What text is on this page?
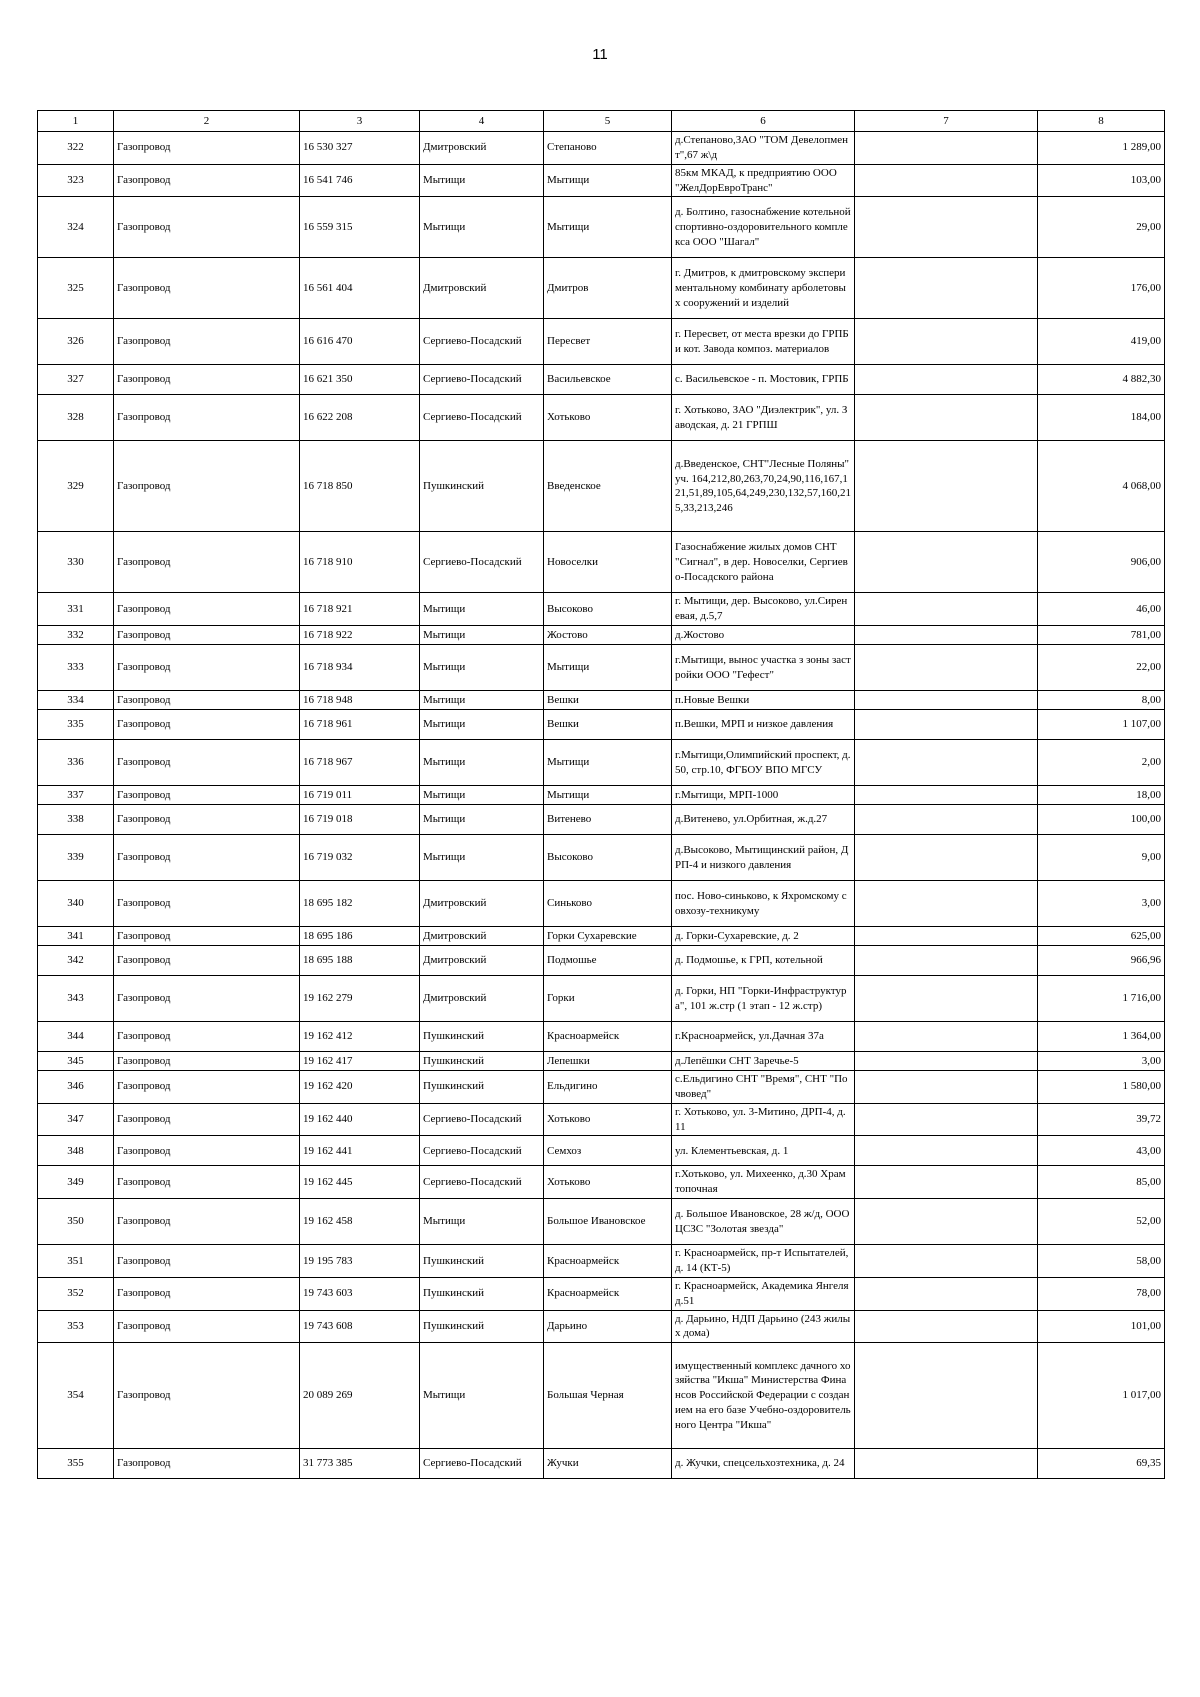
11
1	2	3	4	5	6	7	8
322	Газопровод	16 530 327	Дмитровский	Степаново	д.Степаново,ЗАО "ТОМ Девелопмент",67 ж\д		1 289,00
323	Газопровод	16 541 746	Мытищи	Мытищи	85км МКАД, к предприятию ООО "ЖелДорЕвроТранс"		103,00
324	Газопровод	16 559 315	Мытищи	Мытищи	д. Болтино, газоснабжение котельной спортивно-оздоровительного комплекса ООО "Шагал"		29,00
325	Газопровод	16 561 404	Дмитровский	Дмитров	г. Дмитров, к дмитровскому экспериментальному комбинату арболетовых сооружений и изделий		176,00
326	Газопровод	16 616 470	Сергиево-Посадский	Пересвет	г. Пересвет, от места врезки до ГРПБ и кот. Завода композ. материалов		419,00
327	Газопровод	16 621 350	Сергиево-Посадский	Васильевское	с. Васильевское - п. Мостовик, ГРПБ		4 882,30
328	Газопровод	16 622 208	Сергиево-Посадский	Хотьково	г. Хотьково, ЗАО "Диэлектрик", ул. Заводская, д. 21 ГРПШ		184,00
329	Газопровод	16 718 850	Пушкинский	Введенское	д.Введенское, СНТ"Лесные Поляны" уч. 164,212,80,263,70,24,90,116,167,121,51,89,105,64,249,230,132,57,160,215,33,213,246		4 068,00
330	Газопровод	16 718 910	Сергиево-Посадский	Новоселки	Газоснабжение жилых домов СНТ "Сигнал", в дер. Новоселки, Сергиево-Посадского района		906,00
331	Газопровод	16 718 921	Мытищи	Высоково	г. Мытищи, дер. Высоково, ул.Сиреневая, д.5,7		46,00
332	Газопровод	16 718 922	Мытищи	Жостово	д.Жостово		781,00
333	Газопровод	16 718 934	Мытищи	Мытищи	г.Мытищи, вынос участка з зоны застройки ООО "Гефест"		22,00
334	Газопровод	16 718 948	Мытищи	Вешки	п.Новые Вешки		8,00
335	Газопровод	16 718 961	Мытищи	Вешки	п.Вешки, МРП и низкое давления		1 107,00
336	Газопровод	16 718 967	Мытищи	Мытищи	г.Мытищи,Олимпийский проспект, д.50, стр.10, ФГБОУ ВПО МГСУ		2,00
337	Газопровод	16 719 011	Мытищи	Мытищи	г.Мытищи, МРП-1000		18,00
338	Газопровод	16 719 018	Мытищи	Витенево	д.Витенево, ул.Орбитная, ж.д.27		100,00
339	Газопровод	16 719 032	Мытищи	Высоково	д.Высоково, Мытищинский район, ДРП-4 и низкого давления		9,00
340	Газопровод	18 695 182	Дмитровский	Синьково	пос. Ново-синьково, к Яхромскому совхозу-техникуму		3,00
341	Газопровод	18 695 186	Дмитровский	Горки Сухаревские	д. Горки-Сухаревские, д. 2		625,00
342	Газопровод	18 695 188	Дмитровский	Подмошье	д. Подмошье, к ГРП, котельной		966,96
343	Газопровод	19 162 279	Дмитровский	Горки	д. Горки, НП "Горки-Инфраструктура", 101 ж.стр (1 этап - 12 ж.стр)		1 716,00
344	Газопровод	19 162 412	Пушкинский	Красноармейск	г.Красноармейск, ул.Дачная 37а		1 364,00
345	Газопровод	19 162 417	Пушкинский	Лепешки	д.Лепёшки СНТ Заречье-5		3,00
346	Газопровод	19 162 420	Пушкинский	Ельдигино	с.Ельдигино СНТ "Время", СНТ "Почвовед"		1 580,00
347	Газопровод	19 162 440	Сергиево-Посадский	Хотьково	г. Хотьково, ул. 3-Митино, ДРП-4, д. 11		39,72
348	Газопровод	19 162 441	Сергиево-Посадский	Семхоз	ул. Клементьевская, д. 1		43,00
349	Газопровод	19 162 445	Сергиево-Посадский	Хотьково	г.Хотьково, ул. Михеенко, д.30 Храм топочная		85,00
350	Газопровод	19 162 458	Мытищи	Большое Ивановское	д. Большое Ивановское, 28 ж/д, ООО ЦСЗС "Золотая звезда"		52,00
351	Газопровод	19 195 783	Пушкинский	Красноармейск	г. Красноармейск, пр-т Испытателей, д. 14 (КТ-5)		58,00
352	Газопровод	19 743 603	Пушкинский	Красноармейск	г. Красноармейск, Академика Янгеля д.51		78,00
353	Газопровод	19 743 608	Пушкинский	Дарьино	д. Дарьино, НДП Дарьино (243 жилых дома)		101,00
354	Газопровод	20 089 269	Мытищи	Большая Черная	имущественный комплекс дачного хозяйства "Икша" Министерства Финансов Российской Федерации с созданием на его базе Учебно-оздоровительного Центра "Икша"		1 017,00
355	Газопровод	31 773 385	Сергиево-Посадский	Жучки	д. Жучки, спецсельхозтехника, д. 24		69,35
